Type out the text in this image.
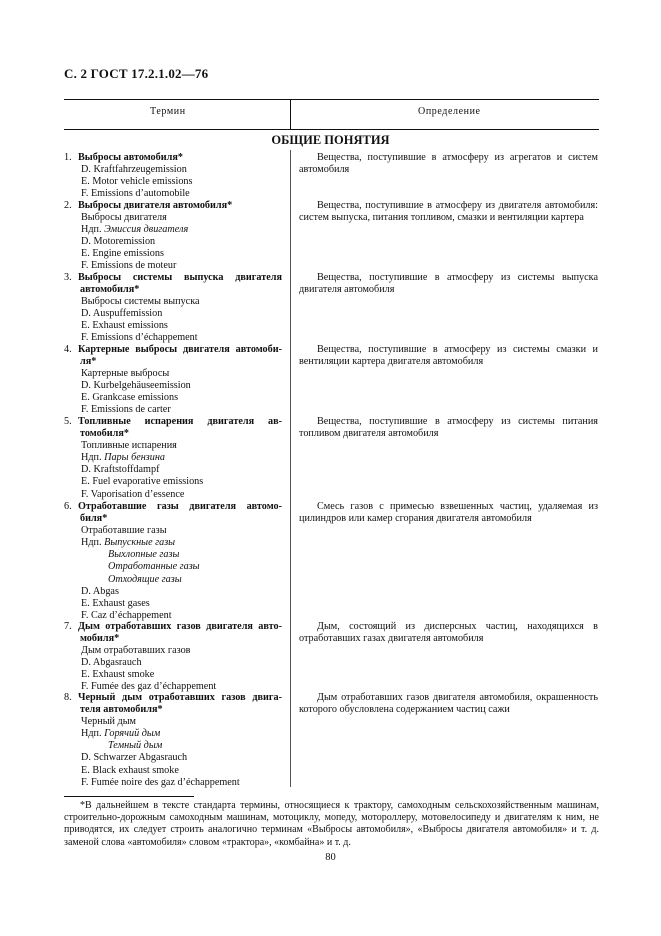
С. 2 ГОСТ 17.2.1.02—76
Термин	Определение
ОБЩИЕ ПОНЯТИЯ
1. Выбросы автомобиля*
D. Kraftfahrzeugemission
E. Motor vehicle emissions
F. Emissions d’automobile
Вещества, поступившие в атмосферу из агрегатов и систем автомобиля
2. Выбросы двигателя автомобиля*
Выбросы двигателя
Ндп. Эмиссия двигателя
D. Motoremission
E. Engine emissions
F. Emissions de moteur
Вещества, поступившие в атмосферу из двигателя автомобиля: систем выпуска, питания топливом, смазки и вентиляции картера
3. Выбросы системы выпуска двигателя
автомобиля*
Выбросы системы выпуска
D. Auspuffemission
E. Exhaust emissions
F. Emissions d’échappement
Вещества, поступившие в атмосферу из системы выпуска двигателя автомобиля
4. Картерные выбросы двигателя автомоби-
ля*
Картерные выбросы
D. Kurbelgehäuseemission
E. Grankcase emissions
F. Emissions de carter
Вещества, поступившие в атмосферу из системы смазки и вентиляции картера двигателя автомобиля
5. Топливные испарения двигателя ав-
томобиля*
Топливные испарения
Ндп. Пары бензина
D. Kraftstoffdampf
E. Fuel evaporative emissions
F. Vaporisation d’essence
Вещества, поступившие в атмосферу из системы питания топливом двигателя автомобиля
6. Отработавшие газы двигателя автомо-
биля*
Отработавшие газы
Ндп. Выпускные газы
Выхлопные газы
Отработанные газы
Отходящие газы
D. Abgas
E. Exhaust gases
F. Caz d’échappement
Смесь газов с примесью взвешенных частиц, удаляемая из цилиндров или камер сгорания двигателя автомобиля
7. Дым отработавших газов двигателя авто-
мобиля*
Дым отработавших газов
D. Abgasrauch
E. Exhaust smoke
F. Fumée des gaz d’échappement
Дым, состоящий из дисперсных частиц, находящихся в отработавших газах двигателя автомобиля
8. Черный дым отработавших газов двига-
теля автомобиля*
Черный дым
Ндп. Горячий дым
Темный дым
D. Schwarzer Abgasrauch
E. Black exhaust smoke
F. Fumée noire des gaz d’échappement
Дым отработавших газов двигателя автомобиля, окрашенность которого обусловлена содержанием частиц сажи
*В дальнейшем в тексте стандарта термины, относящиеся к трактору, самоходным сельскохозяйственным машинам, строительно-дорожным самоходным машинам, мотоциклу, мопеду, мотороллеру, мотовелосипеду и двигателям к ним, не приводятся, их следует строить аналогично терминам «Выбросы автомобиля», «Выбросы двигателя автомобиля» и т. д. заменой слова «автомобиля» словом «трактора», «комбайна» и т. д.
80
